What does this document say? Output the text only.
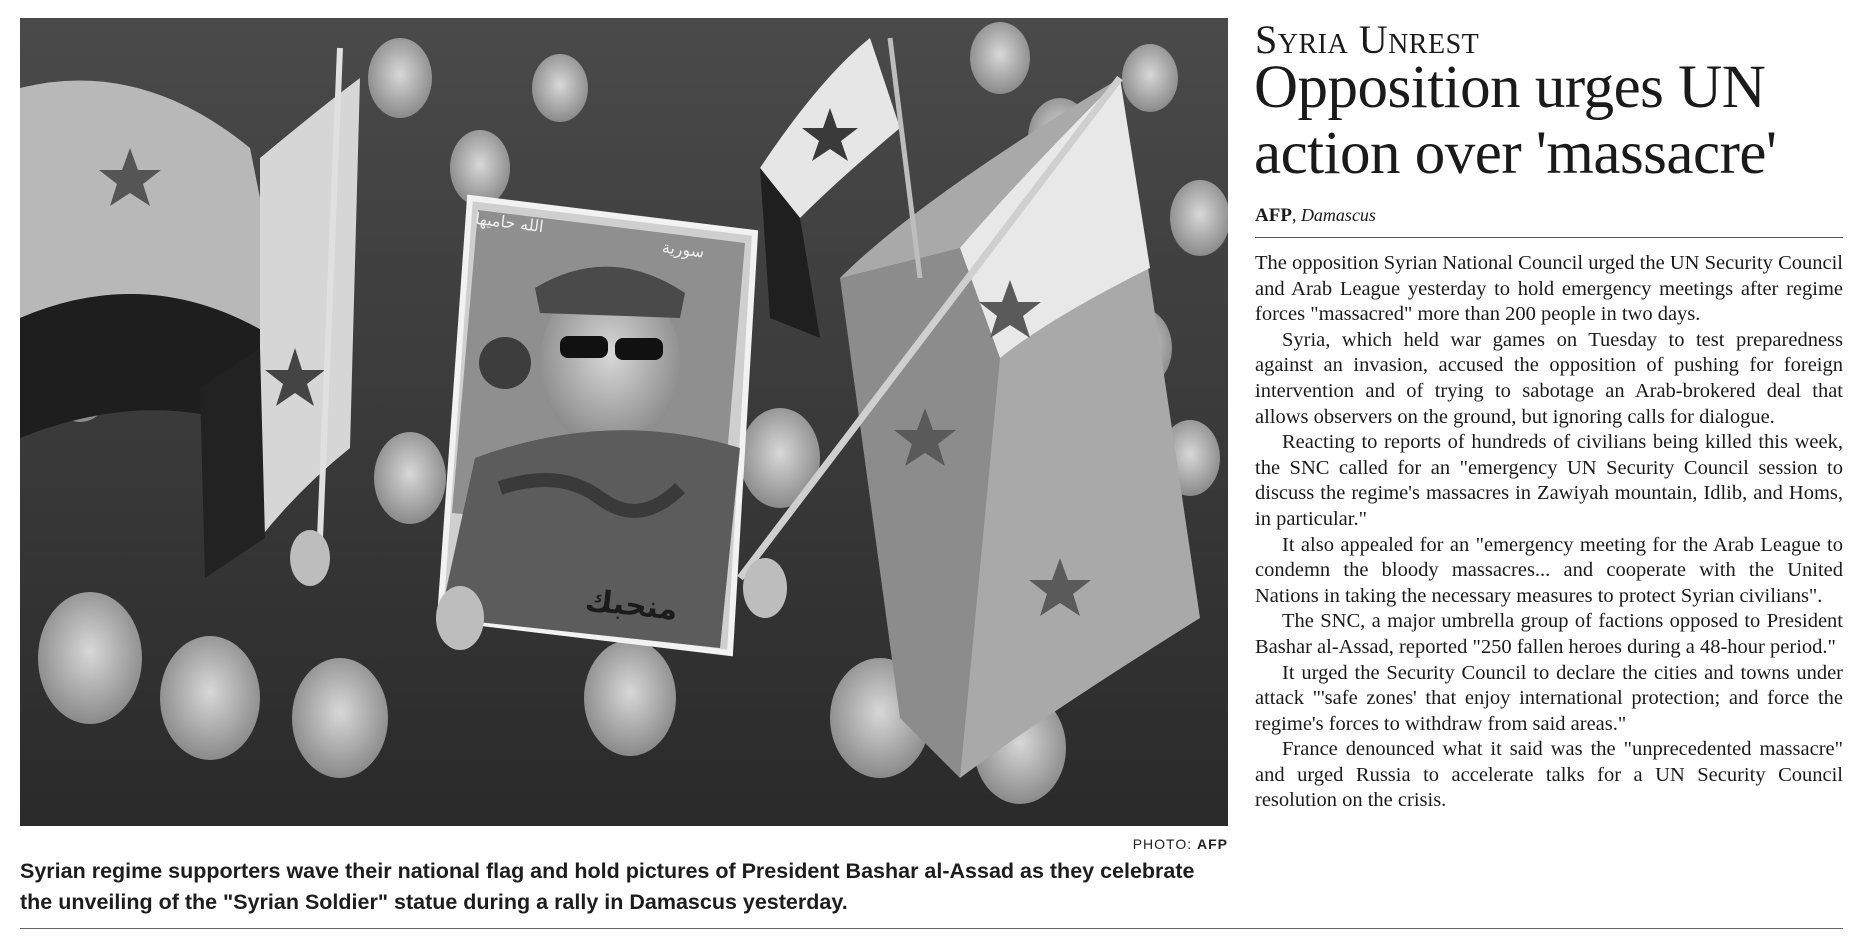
الله حاميها
سورية
منحبك
PHOTO: AFP
Syrian regime supporters wave their national flag and hold pictures of President Bashar al-Assad as they celebrate the unveiling of the "Syrian Soldier" statue during a rally in Damascus yesterday.
Syria Unrest
Opposition urges UN action over 'massacre'
AFP, Damascus

The opposition Syrian National Council urged the UN Security Council and Arab League yesterday to hold emergency meetings after regime forces "massacred" more than 200 people in two days.

Syria, which held war games on Tuesday to test preparedness against an invasion, accused the opposition of pushing for foreign intervention and of trying to sabotage an Arab-brokered deal that allows observers on the ground, but ignoring calls for dialogue.

Reacting to reports of hundreds of civilians being killed this week, the SNC called for an "emergency UN Security Council session to discuss the regime's massacres in Zawiyah mountain, Idlib, and Homs, in particular."

It also appealed for an "emergency meeting for the Arab League to condemn the bloody massacres... and cooperate with the United Nations in taking the necessary measures to protect Syrian civilians".

The SNC, a major umbrella group of factions opposed to President Bashar al-Assad, reported "250 fallen heroes during a 48-hour period."

It urged the Security Council to declare the cities and towns under attack "'safe zones' that enjoy international protection; and force the regime's forces to withdraw from said areas."

France denounced what it said was the "unprecedented massacre" and urged Russia to accelerate talks for a UN Security Council resolution on the crisis.
